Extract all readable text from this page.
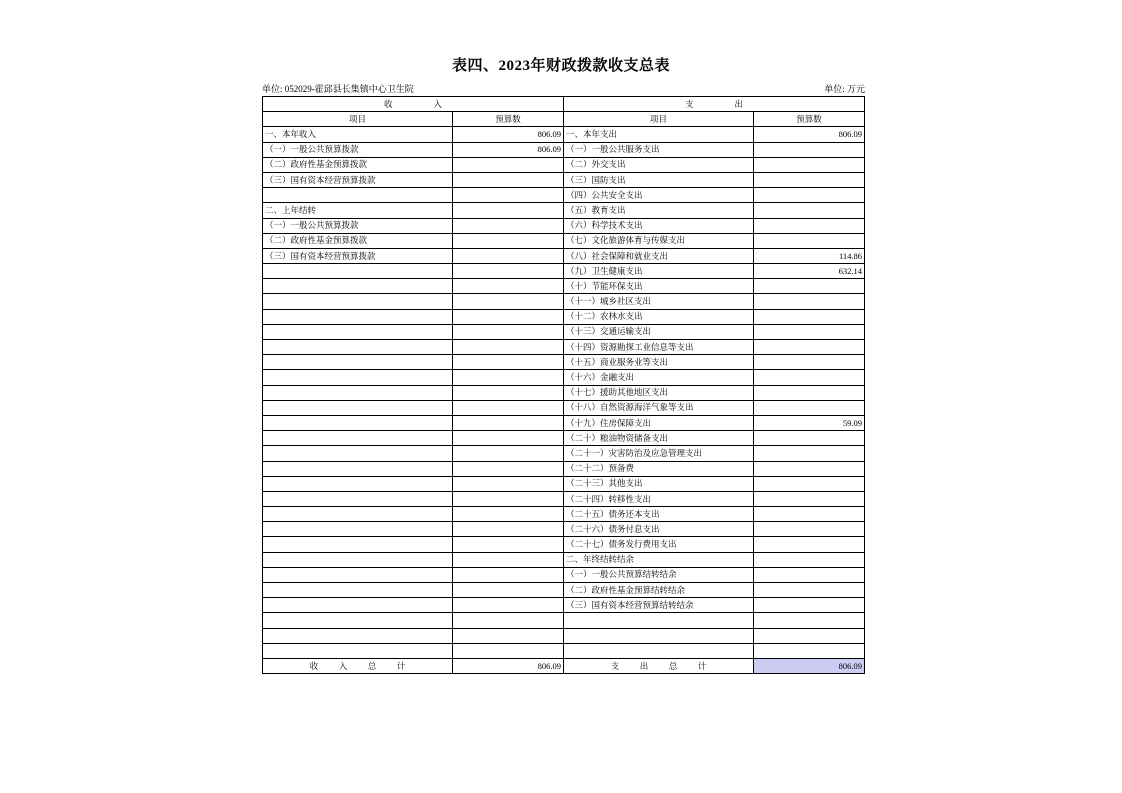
表四、2023年财政拨款收支总表
单位: 052029-霍邱县长集镇中心卫生院	单位: 万元
收　　入		支　　出	
项目	预算数	项目	预算数
一、本年收入	806.09	一、本年支出	806.09
（一）一般公共预算拨款	806.09	（一）一般公共服务支出	
（二）政府性基金预算拨款		（二）外交支出	
（三）国有资本经营预算拨款		（三）国防支出	
		（四）公共安全支出	
二、上年结转		（五）教育支出	
（一）一般公共预算拨款		（六）科学技术支出	
（二）政府性基金预算拨款		（七）文化旅游体育与传媒支出	
（三）国有资本经营预算拨款		（八）社会保障和就业支出	114.86
		（九）卫生健康支出	632.14
		（十）节能环保支出	
		（十一）城乡社区支出	
		（十二）农林水支出	
		（十三）交通运输支出	
		（十四）资源勘探工业信息等支出	
		（十五）商业服务业等支出	
		（十六）金融支出	
		（十七）援助其他地区支出	
		（十八）自然资源海洋气象等支出	
		（十九）住房保障支出	59.09
		（二十）粮油物资储备支出	
		（二十一）灾害防治及应急管理支出	
		（二十二）预备费	
		（二十三）其他支出	
		（二十四）转移性支出	
		（二十五）债务还本支出	
		（二十六）债务付息支出	
		（二十七）债务发行费用支出	
		二、年终结转结余	
		（一）一般公共预算结转结余	
		（二）政府性基金预算结转结余	
		（三）国有资本经营预算结转结余	

收　入　总　计	806.09	支　出　总　计	806.09
